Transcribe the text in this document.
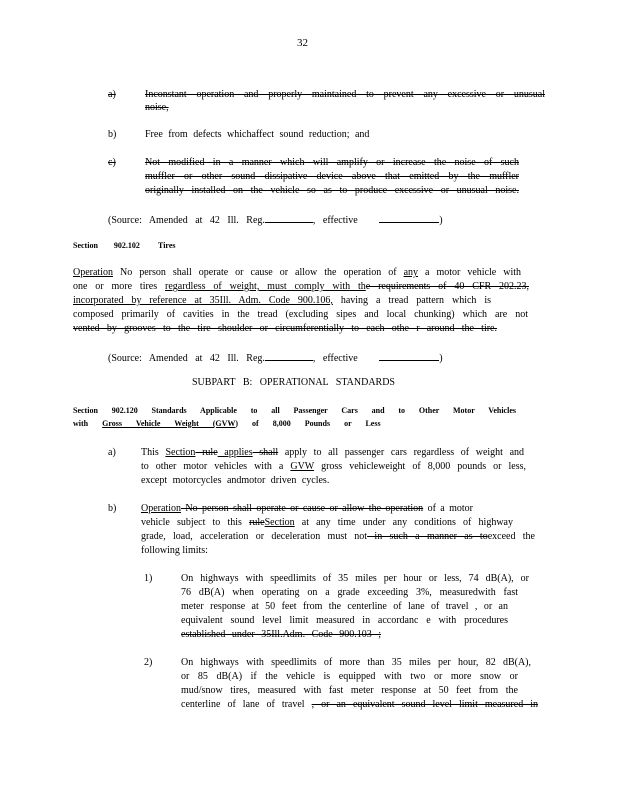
32
a)	Inconstant operation and properly maintained to prevent any excessive or unusual
noise,
b)	Free from defects whichaffect sound reduction; and
c)	Not modified in a manner which will amplify or increase the noise of such
muffler or other sound dissipative device above that emitted by the muffler
originally installed on the vehicle so as to produce excessive or unusual noise.
(Source: Amended at 42 Ill. Reg.	, effective	)
Section 902.102 Tires
Operation No person shall operate or cause or allow the operation of any a motor vehicle with
one or more tires regardless of weight, must comply with the requirements of 40 CFR 202.23,
incorporated by reference at 35Ill. Adm. Code 900.106, having a tread pattern which is
composed primarily of cavities in the tread (excluding sipes and local chunking) which are not
vented by grooves to the tire shoulder or circumferentially to each othe r around the tire.
(Source: Amended at 42 Ill. Reg.	, effective	)
SUBPART B: OPERATIONAL STANDARDS
Section 902.120 Standards Applicable to all Passenger Cars and to Other Motor Vehicles
with Gross Vehicle Weight (GVW) of 8,000 Pounds or Less
a)	This Section rule applies shall apply to all passenger cars regardless of weight and
to other motor vehicles with a GVW gross vehicleweight of 8,000 pounds or less,
except motorcycles andmotor driven cycles.
b) Operation No person shall operate or cause or allow the operation of a motor
vehicle subject to this ruleSection at any time under any conditions of highway
grade, load, acceleration or deceleration must not in such a manner as toexceed the
following limits:
1)	On highways with speedlimits of 35 miles per hour or less, 74 dB(A), or
76 dB(A) when operating on a grade exceeding 3%, measuredwith fast
meter response at 50 feet from the centerline of lane of travel , or an
equivalent sound level limit measured in accordanc e with procedures
established under 35Ill.Adm. Code 900.103 ;
2)	On highways with speedlimits of more than 35 miles per hour, 82 dB(A),
or 85 dB(A) if the vehicle is equipped with two or more snow or
mud/snow tires, measured with fast meter response at 50 feet from the
centerline of lane of travel , or an equivalent sound level limit measured in
